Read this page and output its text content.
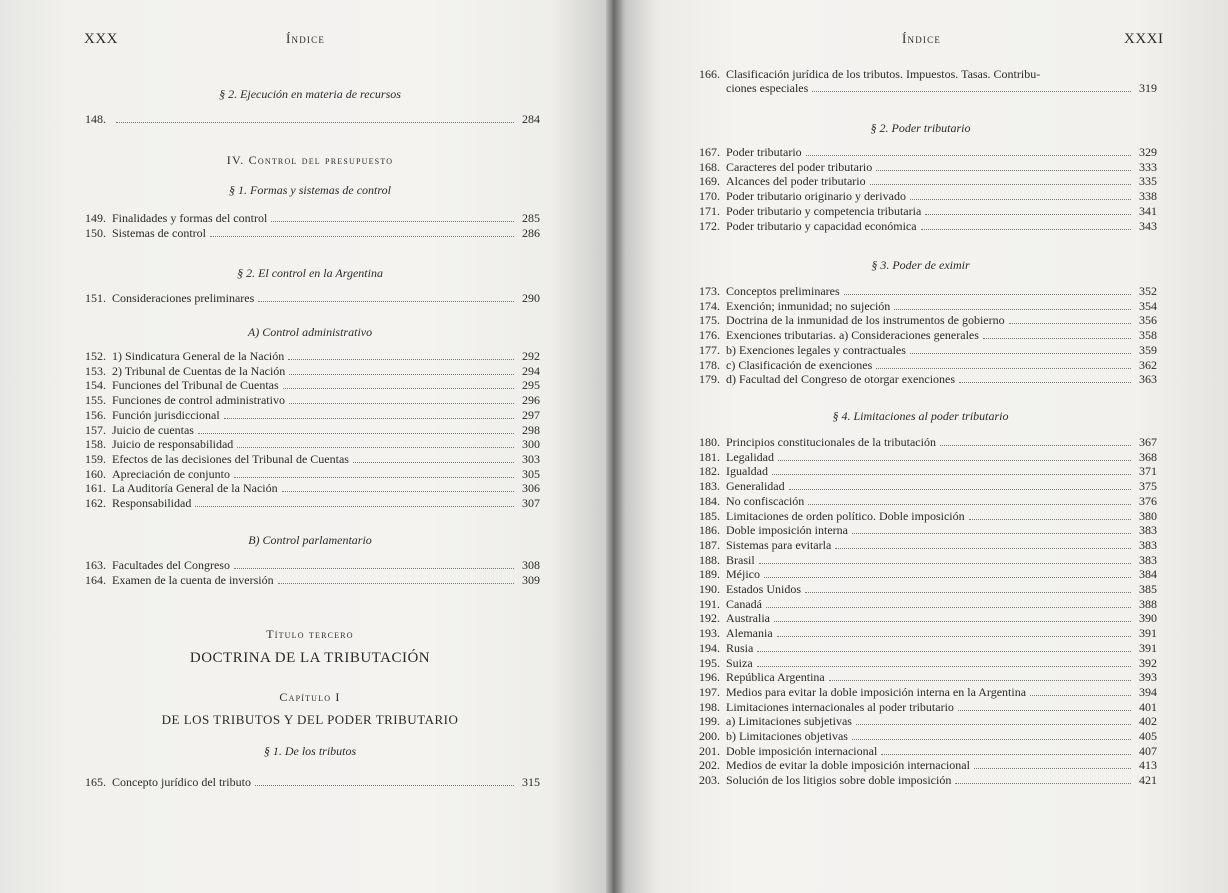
XXX	Índice
§ 2. Ejecución en materia de recursos
148.	284
IV. Control del presupuesto
§ 1. Formas y sistemas de control
149. Finalidades y formas del control	285
150. Sistemas de control	286
§ 2. El control en la Argentina
151. Consideraciones preliminares	290
A) Control administrativo
152. 1) Sindicatura General de la Nación	292
153. 2) Tribunal de Cuentas de la Nación	294
154. Funciones del Tribunal de Cuentas	295
155. Funciones de control administrativo	296
156. Función jurisdiccional	297
157. Juicio de cuentas	298
158. Juicio de responsabilidad	300
159. Efectos de las decisiones del Tribunal de Cuentas	303
160. Apreciación de conjunto	305
161. La Auditoría General de la Nación	306
162. Responsabilidad	307
B) Control parlamentario
163. Facultades del Congreso	308
164. Examen de la cuenta de inversión	309
Título tercero
DOCTRINA DE LA TRIBUTACIÓN
Capítulo I
DE LOS TRIBUTOS Y DEL PODER TRIBUTARIO
§ 1. De los tributos
165. Concepto jurídico del tributo	315
Índice	XXXI
166. Clasificación jurídica de los tributos. Impuestos. Tasas. Contribu-
ciones especiales	319
§ 2. Poder tributario
167. Poder tributario	329
168. Caracteres del poder tributario	333
169. Alcances del poder tributario	335
170. Poder tributario originario y derivado	338
171. Poder tributario y competencia tributaria	341
172. Poder tributario y capacidad económica	343
§ 3. Poder de eximir
173. Conceptos preliminares	352
174. Exención; inmunidad; no sujeción	354
175. Doctrina de la inmunidad de los instrumentos de gobierno	356
176. Exenciones tributarias. a) Consideraciones generales	358
177. b) Exenciones legales y contractuales	359
178. c) Clasificación de exenciones	362
179. d) Facultad del Congreso de otorgar exenciones	363
§ 4. Limitaciones al poder tributario
180. Principios constitucionales de la tributación	367
181. Legalidad	368
182. Igualdad	371
183. Generalidad	375
184. No confiscación	376
185. Limitaciones de orden político. Doble imposición	380
186. Doble imposición interna	383
187. Sistemas para evitarla	383
188. Brasil	383
189. Méjico	384
190. Estados Unidos	385
191. Canadá	388
192. Australia	390
193. Alemania	391
194. Rusia	391
195. Suiza	392
196. República Argentina	393
197. Medios para evitar la doble imposición interna en la Argentina	394
198. Limitaciones internacionales al poder tributario	401
199. a) Limitaciones subjetivas	402
200. b) Limitaciones objetivas	405
201. Doble imposición internacional	407
202. Medios de evitar la doble imposición internacional	413
203. Solución de los litigios sobre doble imposición	421
